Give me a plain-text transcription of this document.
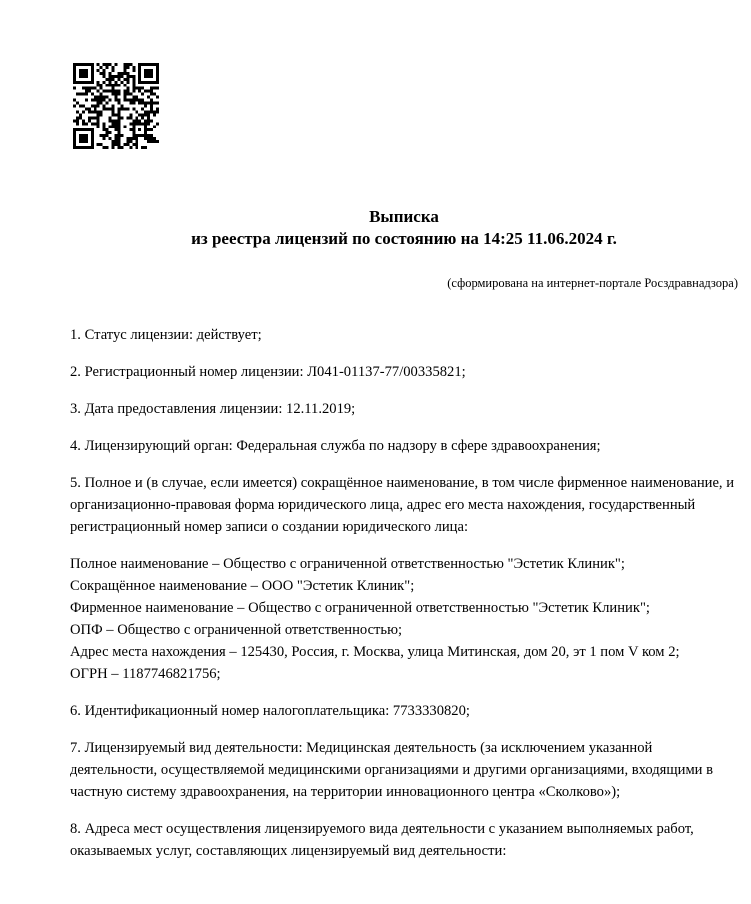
Выписка
из реестра лицензий по состоянию на 14:25 11.06.2024 г.
(сформирована на интернет-портале Росздравнадзора)

1. Статус лицензии: действует;

2. Регистрационный номер лицензии: Л041-01137-77/00335821;

3. Дата предоставления лицензии: 12.11.2019;

4. Лицензирующий орган: Федеральная служба по надзору в сфере здравоохранения;

5. Полное и (в случае, если имеется) сокращённое наименование, в том числе фирменное наименование, и организационно-правовая форма юридического лица, адрес его места нахождения, государственный регистрационный номер записи о создании юридического лица:

Полное наименование – Общество с ограниченной ответственностью "Эстетик Клиник";
Сокращённое наименование – ООО "Эстетик Клиник";
Фирменное наименование – Общество с ограниченной ответственностью "Эстетик Клиник";
ОПФ – Общество с ограниченной ответственностью;
Адрес места нахождения – 125430, Россия, г. Москва, улица Митинская, дом 20, эт 1 пом V ком 2;
ОГРН – 1187746821756;

6. Идентификационный номер налогоплательщика: 7733330820;

7. Лицензируемый вид деятельности: Медицинская деятельность (за исключением указанной деятельности, осуществляемой медицинскими организациями и другими организациями, входящими в частную систему здравоохранения, на территории инновационного центра «Сколково»);

8. Адреса мест осуществления лицензируемого вида деятельности с указанием выполняемых работ, оказываемых услуг, составляющих лицензируемый вид деятельности:
